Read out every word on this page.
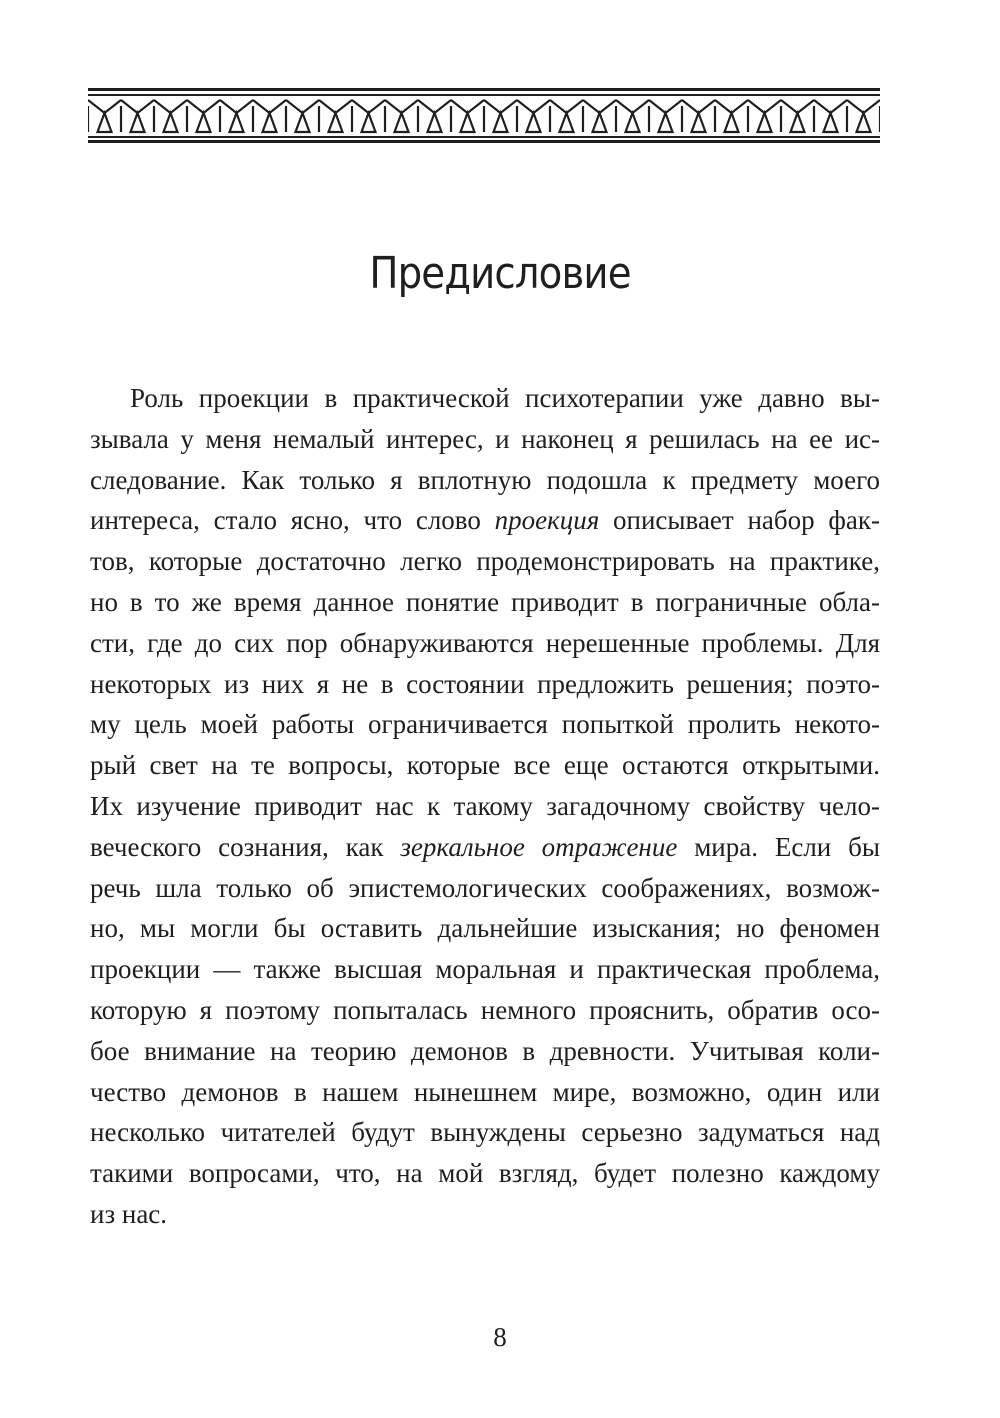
Предисловие
Роль проекции в практической психотерапии уже давно вы-
зывала у меня немалый интерес, и наконец я решилась на ее ис-
следование. Как только я вплотную подошла к предмету моего
интереса, стало ясно, что слово проекция описывает набор фак-
тов, которые достаточно легко продемонстрировать на практике,
но в то же время данное понятие приводит в пограничные обла-
сти, где до сих пор обнаруживаются нерешенные проблемы. Для
некоторых из них я не в состоянии предложить решения; поэто-
му цель моей работы ограничивается попыткой пролить некото-
рый свет на те вопросы, которые все еще остаются открытыми.
Их изучение приводит нас к такому загадочному свойству чело-
веческого сознания, как зеркальное отражение мира. Если бы
речь шла только об эпистемологических соображениях, возмож-
но, мы могли бы оставить дальнейшие изыскания; но феномен
проекции — также высшая моральная и практическая проблема,
которую я поэтому попыталась немного прояснить, обратив осо-
бое внимание на теорию демонов в древности. Учитывая коли-
чество демонов в нашем нынешнем мире, возможно, один или
несколько читателей будут вынуждены серьезно задуматься над
такими вопросами, что, на мой взгляд, будет полезно каждому
из нас.
8
